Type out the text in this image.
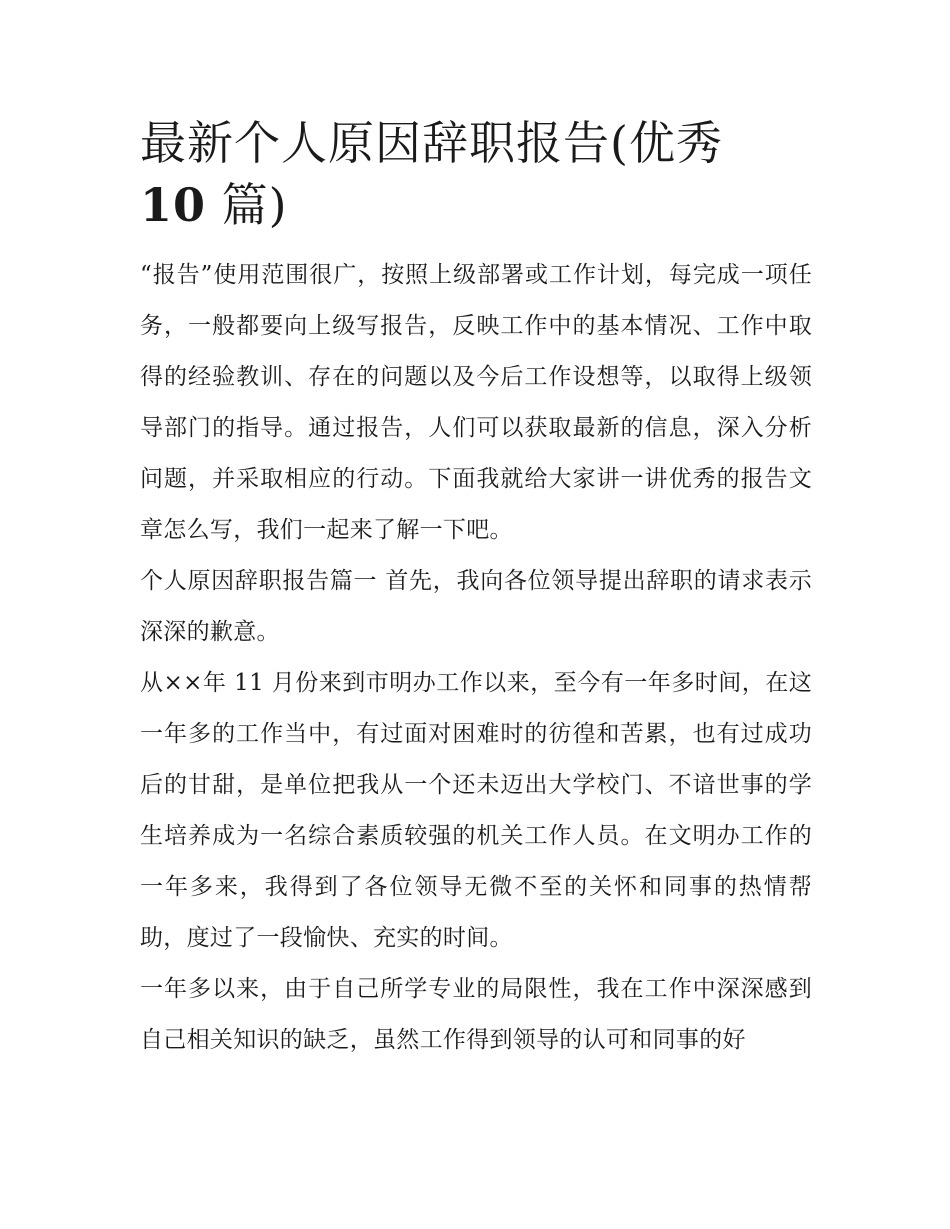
最新个人原因辞职报告(优秀
10 篇)

“报告”使用范围很广，按照上级部署或工作计划，每完成一项任务，一般都要向上级写报告，反映工作中的基本情况、工作中取得的经验教训、存在的问题以及今后工作设想等，以取得上级领导部门的指导。通过报告，人们可以获取最新的信息，深入分析问题，并采取相应的行动。下面我就给大家讲一讲优秀的报告文章怎么写，我们一起来了解一下吧。

个人原因辞职报告篇一 首先，我向各位领导提出辞职的请求表示深深的歉意。

从××年 11 月份来到市明办工作以来，至今有一年多时间，在这一年多的工作当中，有过面对困难时的彷徨和苦累，也有过成功后的甘甜，是单位把我从一个还未迈出大学校门、不谙世事的学生培养成为一名综合素质较强的机关工作人员。在文明办工作的一年多来，我得到了各位领导无微不至的关怀和同事的热情帮助，度过了一段愉快、充实的时间。

一年多以来，由于自己所学专业的局限性，我在工作中深深感到自己相关知识的缺乏，虽然工作得到领导的认可和同事的好
